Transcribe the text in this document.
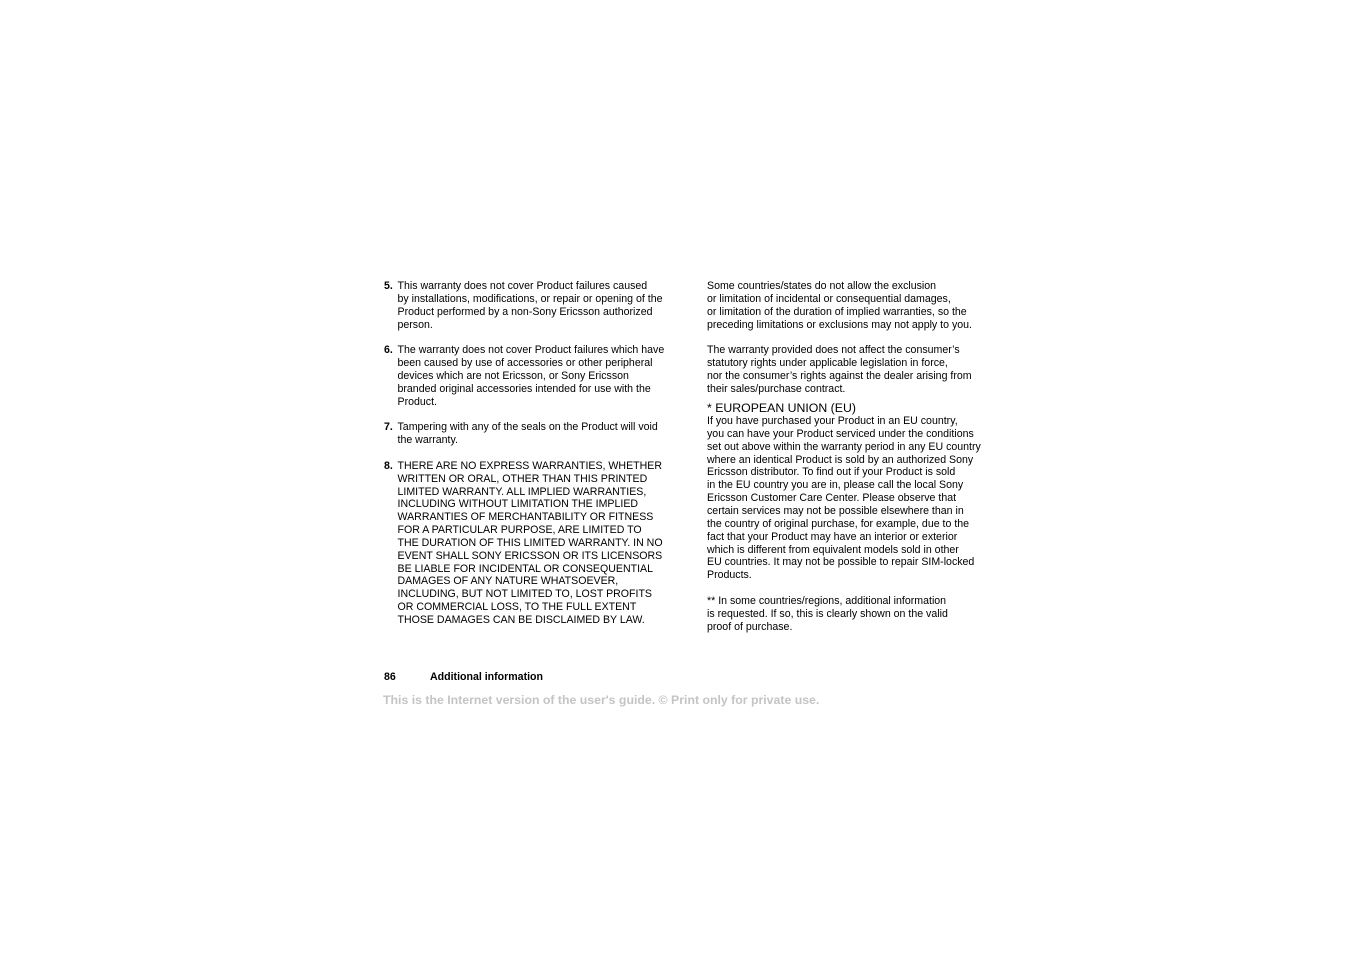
5. This warranty does not cover Product failures caused
by installations, modifications, or repair or opening of the
Product performed by a non-Sony Ericsson authorized
person.
6. The warranty does not cover Product failures which have
been caused by use of accessories or other peripheral
devices which are not Ericsson, or Sony Ericsson
branded original accessories intended for use with the
Product.
7. Tampering with any of the seals on the Product will void
the warranty.
8. THERE ARE NO EXPRESS WARRANTIES, WHETHER
WRITTEN OR ORAL, OTHER THAN THIS PRINTED
LIMITED WARRANTY. ALL IMPLIED WARRANTIES,
INCLUDING WITHOUT LIMITATION THE IMPLIED
WARRANTIES OF MERCHANTABILITY OR FITNESS
FOR A PARTICULAR PURPOSE, ARE LIMITED TO
THE DURATION OF THIS LIMITED WARRANTY. IN NO
EVENT SHALL SONY ERICSSON OR ITS LICENSORS
BE LIABLE FOR INCIDENTAL OR CONSEQUENTIAL
DAMAGES OF ANY NATURE WHATSOEVER,
INCLUDING, BUT NOT LIMITED TO, LOST PROFITS
OR COMMERCIAL LOSS, TO THE FULL EXTENT
THOSE DAMAGES CAN BE DISCLAIMED BY LAW.
Some countries/states do not allow the exclusion
or limitation of incidental or consequential damages,
or limitation of the duration of implied warranties, so the
preceding limitations or exclusions may not apply to you.
The warranty provided does not affect the consumer’s
statutory rights under applicable legislation in force,
nor the consumer’s rights against the dealer arising from
their sales/purchase contract.
* EUROPEAN UNION (EU)
If you have purchased your Product in an EU country,
you can have your Product serviced under the conditions
set out above within the warranty period in any EU country
where an identical Product is sold by an authorized Sony
Ericsson distributor. To find out if your Product is sold
in the EU country you are in, please call the local Sony
Ericsson Customer Care Center. Please observe that
certain services may not be possible elsewhere than in
the country of original purchase, for example, due to the
fact that your Product may have an interior or exterior
which is different from equivalent models sold in other
EU countries. It may not be possible to repair SIM-locked
Products.
** In some countries/regions, additional information
is requested. If so, this is clearly shown on the valid
proof of purchase.
86	Additional information
This is the Internet version of the user's guide. © Print only for private use.
